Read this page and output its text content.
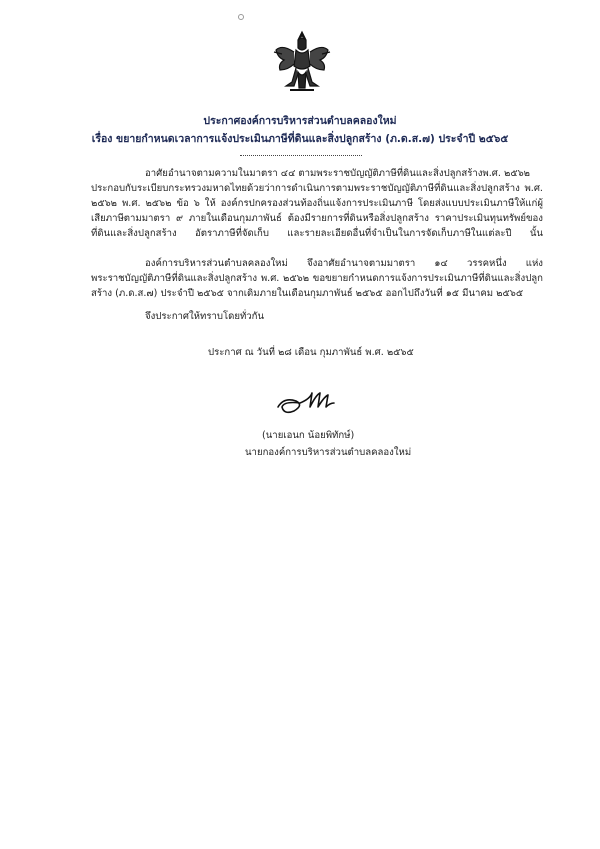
ประกาศองค์การบริหารส่วนตำบลคลองใหม่
เรื่อง ขยายกำหนดเวลาการแจ้งประเมินภาษีที่ดินและสิ่งปลูกสร้าง (ภ.ด.ส.๗) ประจำปี ๒๕๖๕
อาศัยอำนาจตามความในมาตรา ๔๔ ตามพระราชบัญญัติภาษีที่ดินและสิ่งปลูกสร้างพ.ศ. ๒๕๖๒
ประกอบกับระเบียบกระทรวงมหาดไทยด้วยว่าการดำเนินการตามพระราชบัญญัติภาษีที่ดินและสิ่งปลูกสร้าง พ.ศ.
๒๕๖๒ พ.ศ. ๒๕๖๒ ข้อ ๖ ให้ องค์กรปกครองส่วนท้องถิ่นแจ้งการประเมินภาษี โดยส่งแบบประเมินภาษีให้แก่ผู้
เสียภาษีตามมาตรา ๙ ภายในเดือนกุมภาพันธ์ ต้องมีรายการที่ดินหรือสิ่งปลูกสร้าง ราคาประเมินทุนทรัพย์ของ
ที่ดินและสิ่งปลูกสร้าง อัตราภาษีที่จัดเก็บ และรายละเอียดอื่นที่จำเป็นในการจัดเก็บภาษีในแต่ละปี นั้น
องค์การบริหารส่วนตำบลคลองใหม่ จึงอาศัยอำนาจตามมาตรา ๑๔ วรรคหนึ่ง แห่ง
พระราชบัญญัติภาษีที่ดินและสิ่งปลูกสร้าง พ.ศ. ๒๕๖๒ ขอขยายกำหนดการแจ้งการประเมินภาษีที่ดินและสิ่งปลูก
สร้าง (ภ.ด.ส.๗) ประจำปี ๒๕๖๕ จากเดิมภายในเดือนกุมภาพันธ์ ๒๕๖๕ ออกไปถึงวันที่ ๑๕ มีนาคม ๒๕๖๕
จึงประกาศให้ทราบโดยทั่วกัน
ประกาศ ณ วันที่ ๒๘ เดือน กุมภาพันธ์ พ.ศ. ๒๕๖๕
(นายเอนก น้อยพิทักษ์)
นายกองค์การบริหารส่วนตำบลคลองใหม่
